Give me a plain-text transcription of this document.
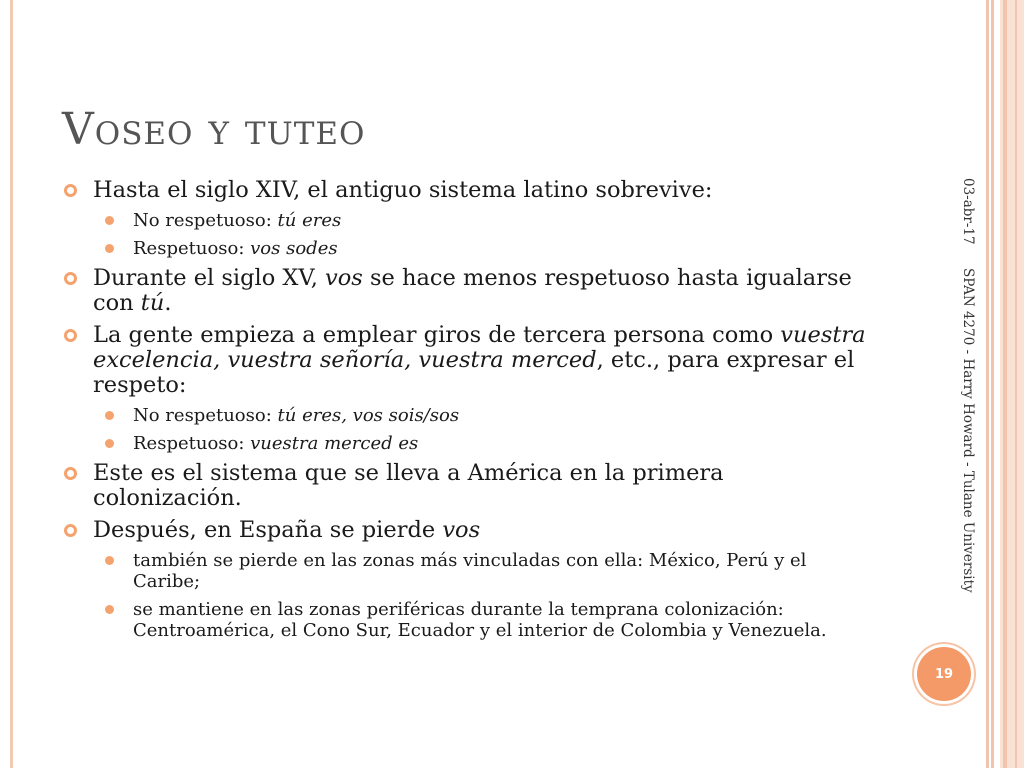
Voseo y tuteo
Hasta el siglo XIV, el antiguo sistema latino sobrevive:
No respetuoso: tú eres
Respetuoso: vos sodes
Durante el siglo XV, vos se hace menos respetuoso hasta igualarse con tú.
La gente empieza a emplear giros de tercera persona como vuestra excelencia, vuestra señoría, vuestra merced, etc., para expresar el respeto:
No respetuoso: tú eres, vos sois/sos
Respetuoso: vuestra merced es
Este es el sistema que se lleva a América en la primera colonización.
Después, en España se pierde vos
también se pierde en las zonas más vinculadas con ella: México, Perú y el Caribe;
se mantiene en las zonas periféricas durante la temprana colonización: Centroamérica, el Cono Sur, Ecuador y el interior de Colombia y Venezuela.
03-abr-17
SPAN 4270 - Harry Howard - Tulane University
19
